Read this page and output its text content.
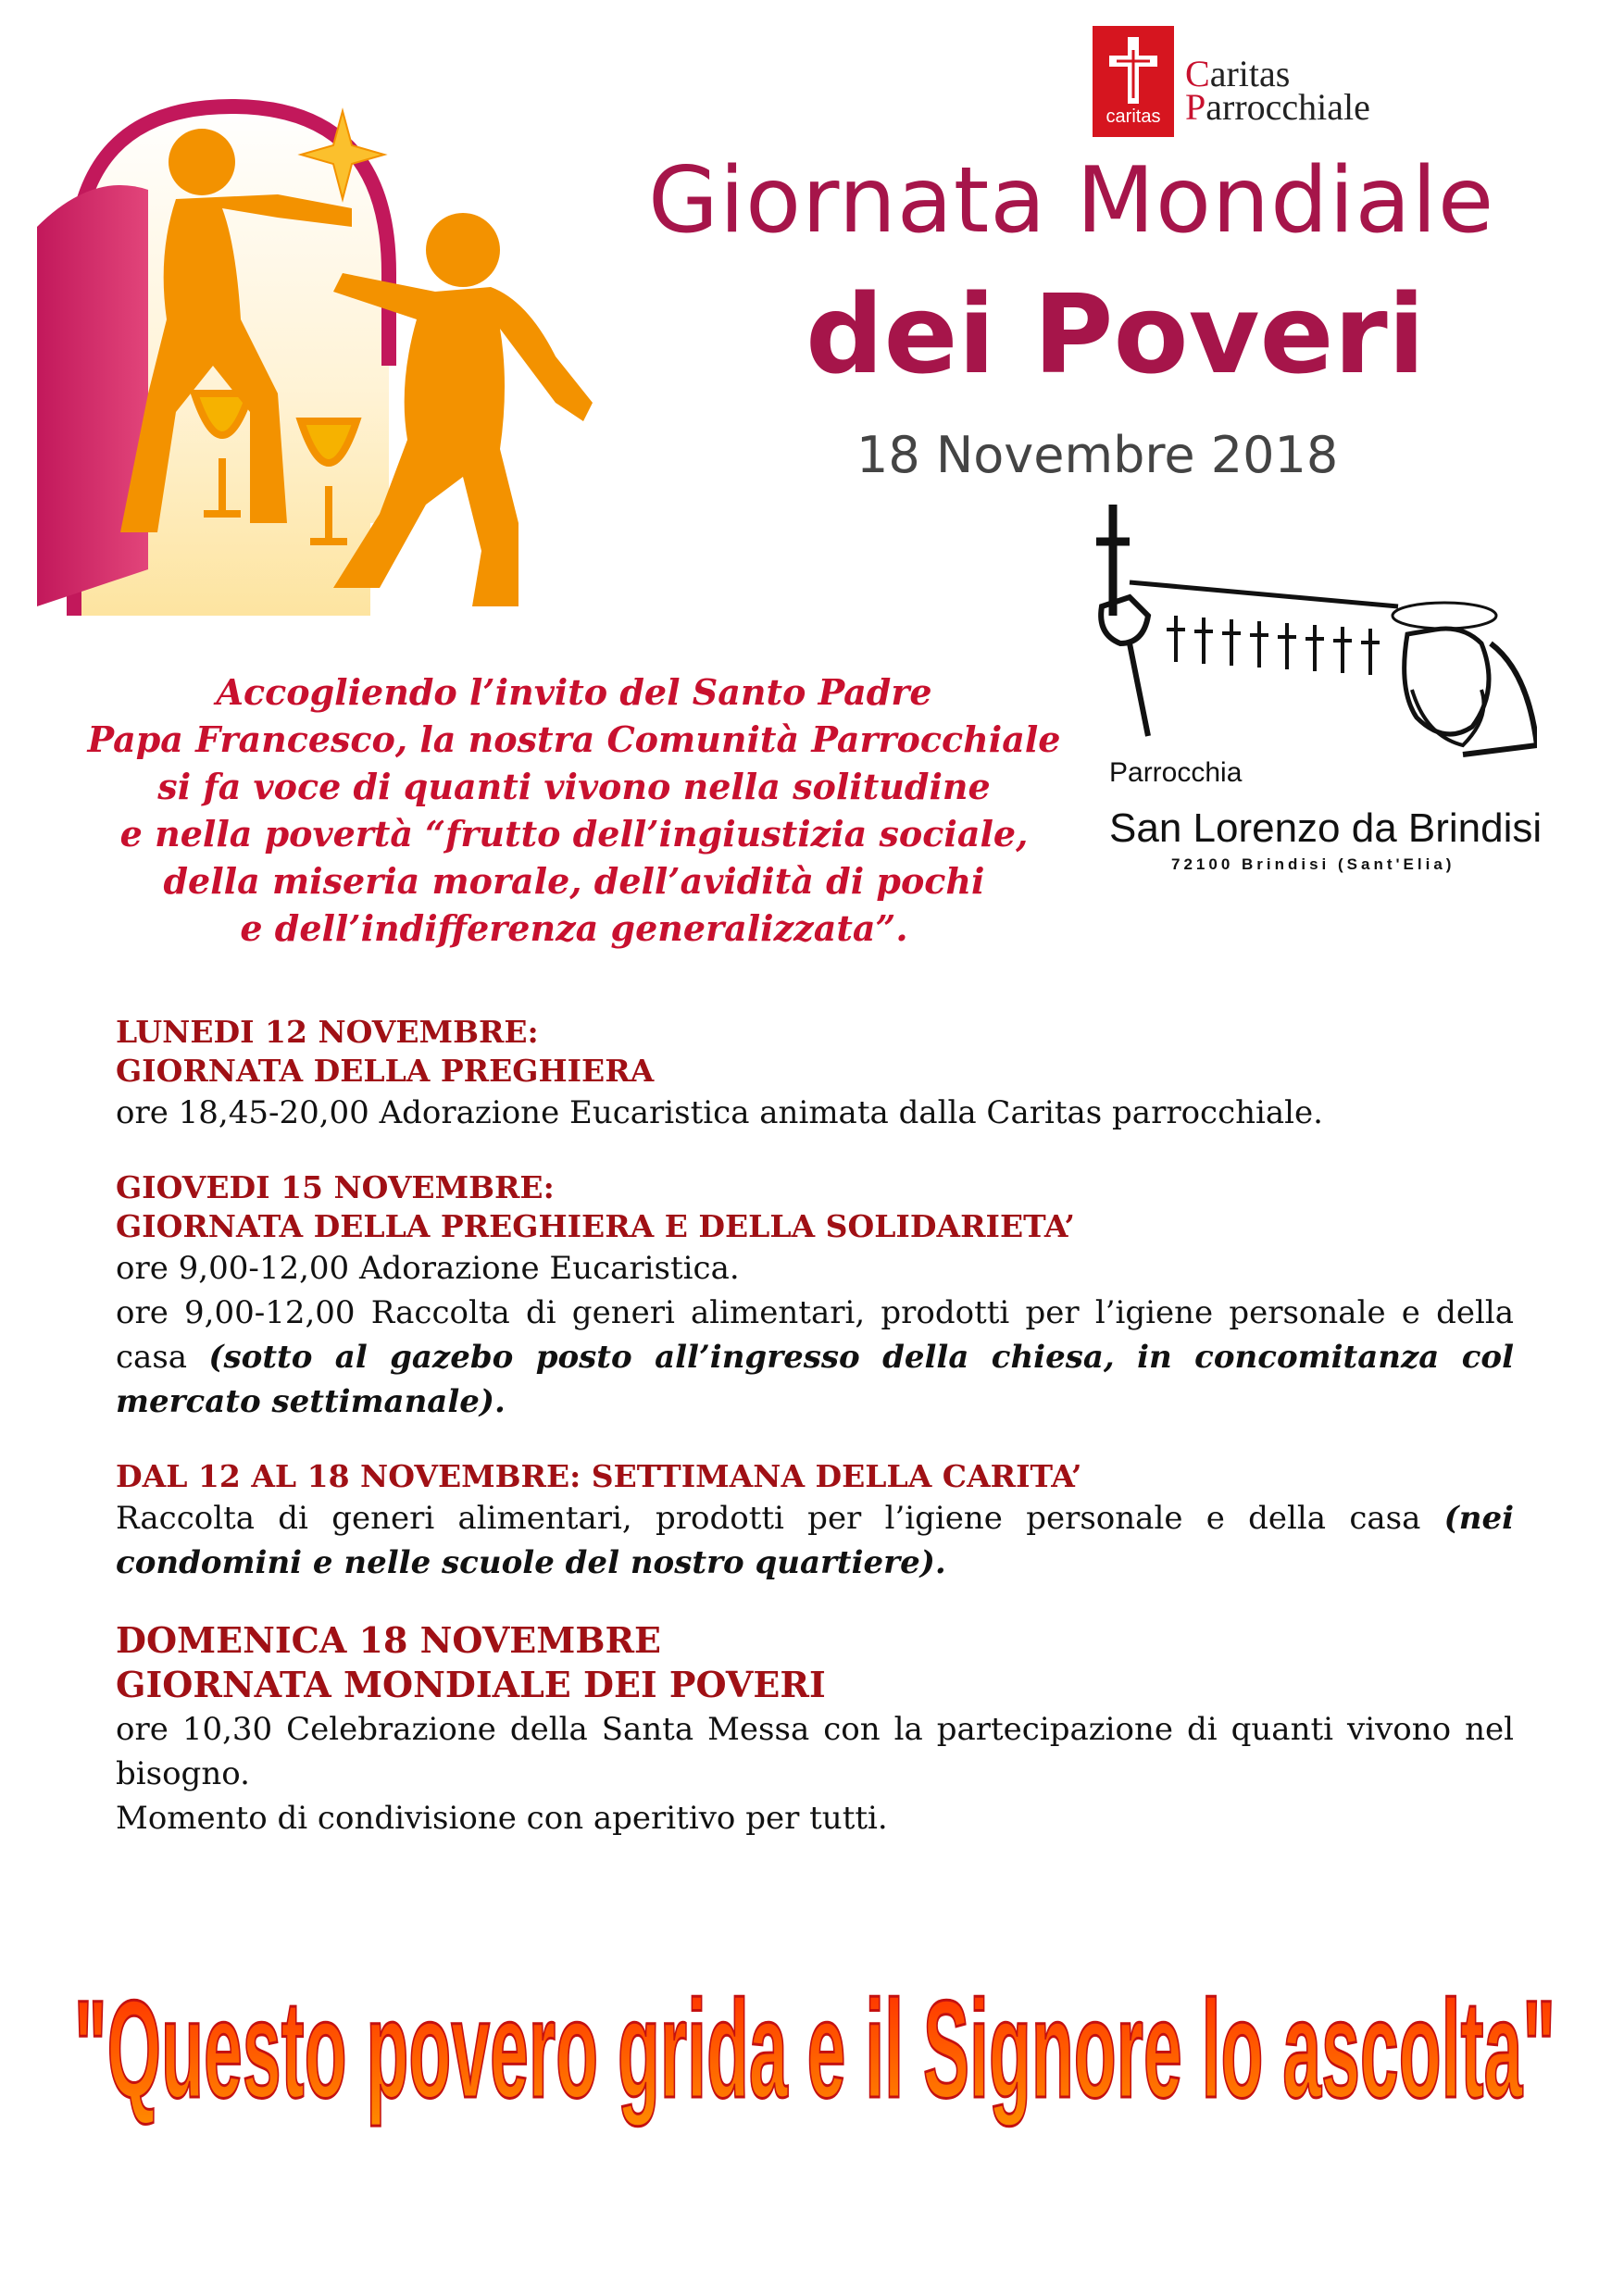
caritas
Caritas
Parrocchiale
Giornata Mondiale
dei Poveri
18 Novembre 2018
Parrocchia
San Lorenzo da Brindisi
72100 Brindisi (Sant'Elia)
Accogliendo l’invito del Santo Padre
Papa Francesco, la nostra Comunità Parrocchiale
si fa voce di quanti vivono nella solitudine
e nella povertà “frutto dell’ingiustizia sociale,
della miseria morale, dell’avidità di pochi
e dell’indifferenza generalizzata”.
LUNEDI 12 NOVEMBRE:
GIORNATA DELLA PREGHIERA
ore 18,45-20,00 Adorazione Eucaristica animata dalla Caritas parrocchiale.
GIOVEDI 15 NOVEMBRE:
GIORNATA DELLA PREGHIERA E DELLA SOLIDARIETA’
ore 9,00-12,00 Adorazione Eucaristica.
ore 9,00-12,00 Raccolta di generi alimentari, prodotti per l’igiene personale e della casa (sotto al gazebo posto all’ingresso della chiesa, in concomitanza col mercato settimanale).
DAL 12 AL 18 NOVEMBRE: SETTIMANA DELLA CARITA’
Raccolta di generi alimentari, prodotti per l’igiene personale e della casa (nei condomini e nelle scuole del nostro quartiere).
DOMENICA 18 NOVEMBRE
GIORNATA MONDIALE DEI POVERI
ore 10,30 Celebrazione della Santa Messa con la partecipazione di quanti vivono nel bisogno.
Momento di condivisione con aperitivo per tutti.
"Questo povero grida e il Signore lo ascolta"
